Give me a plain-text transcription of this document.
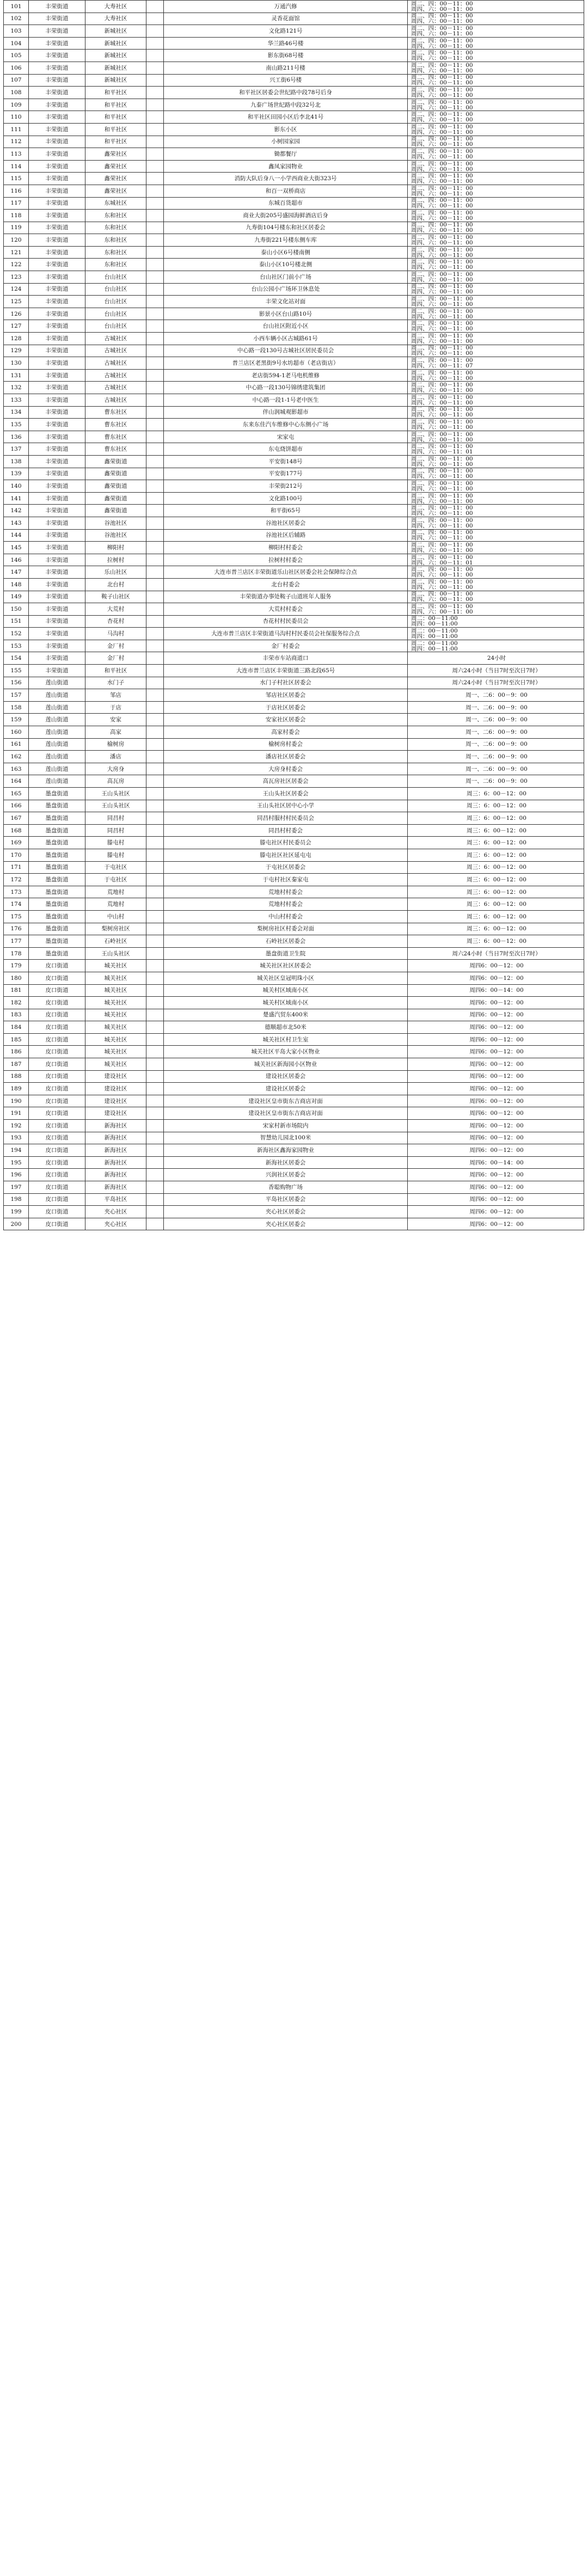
101	丰荣街道	大寿社区		万通汽修	周二、四：00－11：00
周四、六：00－11：00
102	丰荣街道	大寿社区		灵香花面馆	周二、四：00－11：00
周四、六：00－11：00
103	丰荣街道	新城社区		文化路121号	周二、四：00－11：00
周四、六：00－11：00
104	丰荣街道	新城社区		华兰路46号楼	周二、四：00－11：00
周四、六：00－11：00
105	丰荣街道	新城社区		影东街68号楼	周二、四：00－11：00
周四、六：00－11：00
106	丰荣街道	新城社区		南山路211号楼	周二、四：00－11：00
周四、六：00－11：00
107	丰荣街道	新城社区		兴工街6号楼	周二、四：00－11：00
周四、六：00－11：00
108	丰荣街道	和平社区		和平社区居委会世纪路中段78号后身	周二、四：00－11：00
周四、六：00－11：00
109	丰荣街道	和平社区		九泰广场世纪路中段32号北	周二、四：00－11：00
周四、六：00－11：00
110	丰荣街道	和平社区		和平社区田园小区后李北41号	周二、四：00－11：00
周四、六：00－11：00
111	丰荣街道	和平社区		影东小区	周二、四：00－11：00
周四、六：00－11：00
112	丰荣街道	和平社区		小树园家园	周二、四：00－11：00
周四、六：00－11：00
113	丰荣街道	鑫荣社区		锄都餐厅	周二、四：00－11：00
周四、六：00－11：00
114	丰荣街道	鑫荣社区		鑫凤家园物业	周二、四：00－11：00
周四、六：00－11：00
115	丰荣街道	鑫荣社区		消防大队后身八一小学西商业大街323号	周二、四：00－11：00
周四、六：00－11：00
116	丰荣街道	鑫荣社区		和百一双桥商店	周二、四：00－11：00
周四、六：00－11：00
117	丰荣街道	东城社区		东城百货超市	周二、四：00－11：00
周四、六：00－11：00
118	丰荣街道	东和社区		商业大街205号盛园海鲜酒店后身	周二、四：00－11：00
周四、六：00－11：00
119	丰荣街道	东和社区		九寿街104号楼东和社区居委会	周二、四：00－11：00
周四、六：00－11：00
120	丰荣街道	东和社区		九寿街221号楼东侧车库	周二、四：00－11：00
周四、六：00－11：00
121	丰荣街道	东和社区		泰山小区6号楼南侧	周二、四：00－11：00
周四、六：00－11：00
122	丰荣街道	东和社区		泰山小区10号楼北侧	周二、四：00－11：00
周四、六：00－11：00
123	丰荣街道	台山社区		台山社区门前小广场	周二、四：00－11：00
周四、六：00－11：00
124	丰荣街道	台山社区		台山公园小广场环卫休息处	周二、四：00－11：00
周四、六：00－11：00
125	丰荣街道	台山社区		丰荣文化站对面	周二、四：00－11：00
周四、六：00－11：00
126	丰荣街道	台山社区		影景小区台山路10号	周二、四：00－11：00
周四、六：00－11：00
127	丰荣街道	台山社区		台山社区附近小区	周二、四：00－11：00
周四、六：00－11：00
128	丰荣街道	古城社区		小西车辆小区古城路61号	周二、四：00－11：00
周四、六：00－11：00
129	丰荣街道	古城社区		中心路一段130号古城社区居民委员会	周二、四：00－11：00
周四、六：00－11：00
130	丰荣街道	古城社区		普兰店区老黑街9号水坊超市（老店街店）	周二、四：00－11：00
周四、六：00－11：07
131	丰荣街道	古城社区		老店街594-1老马电机维修	周二、四：00－11：00
周四、六：00－11：00
132	丰荣街道	古城社区		中心路一段130号锦绣建筑集团	周二、四：00－11：00
周四、六：00－11：00
133	丰荣街道	古城社区		中心路一段1-1号老中医生	周二、四：00－11：00
周四、六：00－11：00
134	丰荣街道	曹东社区		伴山润城观影超市	周二、四：00－11：00
周四、六：00－11：00
135	丰荣街道	曹东社区		东来东佳汽车维修中心东侧小广场	周二、四：00－11：00
周四、六：00－11：00
136	丰荣街道	曹东社区		宋家屯	周二、四：00－11：00
周四、六：00－11：00
137	丰荣街道	曹东社区		东屯烧饼超市	周二、四：00－11：00
周四、六：00－11：01
138	丰荣街道	鑫荣街道		平安街148号	周二、四：00－11：00
周四、六：00－11：00
139	丰荣街道	鑫荣街道		平安街177号	周二、四：00－11：00
周四、六：00－11：00
140	丰荣街道	鑫荣街道		丰荣街212号	周二、四：00－11：00
周四、六：00－11：00
141	丰荣街道	鑫荣街道		文化路100号	周二、四：00－11：00
周四、六：00－11：00
142	丰荣街道	鑫荣街道		和平街65号	周二、四：00－11：00
周四、六：00－11：00
143	丰荣街道	谷池社区		谷池社区居委会	周二、四：00－11：00
周四、六：00－11：00
144	丰荣街道	谷池社区		谷池社区后辅路	周二、四：00－11：00
周四、六：00－11：00
145	丰荣街道	柳阳村		柳阳村村委会	周二、四：00－11：00
周四、六：00－11：00
146	丰荣街道	拉树村		拉树村村委会	周二、四：00－11：00
周四、六：00－11：01
147	丰荣街道	乐山社区		大连市普兰店区丰荣街道乐山社区居委会社会保障综合点	周二、四：00－11：00
周四、六：00－11：00
148	丰荣街道	北台村		北台村委会	周二、四：00－11：00
周四、六：00－11：00
149	丰荣街道	鞍子山社区		丰荣街道办事处鞍子山道班年人服务	周二、四：00－11：00
周四、六：00－11：00
150	丰荣街道	大荒村		大荒村村委会	周二、四：00－11：00
周四、六：00－11：00
151	丰荣街道	杏花村		杏花村村民委员会	周二：00－11:00
周四：00－11:00
152	丰荣街道	马沟村		大连市普兰店区丰荣街道马沟村村民委员会社保服务综合点	周二：00－11:00
周四：00－11:00
153	丰荣街道	金厂村		金厂村委会	周二：00－11:00
周四：00－11:00
154	丰荣街道	金厂村		丰荣市车站商道口	24小时
155	丰荣街道	和平社区		大连市普兰店区丰荣街道三路北段65号	周六24小时（当日7时至次日7时）
156	莲山街道	水门子		水门子村社区居委会	周六24小时（当日7时至次日7时）
157	莲山街道	邹店		邹店社区居委会	周一、二6：00－9：00
158	莲山街道	于店		于店社区居委会	周一、二6：00－9：00
159	莲山街道	安家		安家社区居委会	周一、二6：00－9：00
160	莲山街道	高家		高家村委会	周一、二6：00－9：00
161	莲山街道	榆树房		榆树房村委会	周一、二6：00－9：00
162	莲山街道	潘店		潘店社区居委会	周一、二6：00－9：00
163	莲山街道	大房身		大房身村委会	周一、二6：00－9：00
164	莲山街道	高瓦房		高瓦房社区居委会	周一、二6：00－9：00
165	墨盘街道	王山头社区		王山头社区居委会	周三：6：00－12：00
166	墨盘街道	王山头社区		王山头社区居中心小学	周三：6：00－12：00
167	墨盘街道	同昌村		同昌村服村村民委员会	周三：6：00－12：00
168	墨盘街道	同昌村		同昌村村委会	周三：6：00－12：00
169	墨盘街道	滕屯村		滕屯社区村民委员会	周三：6：00－12：00
170	墨盘街道	滕屯村		滕屯社区社区延屯屯	周三：6：00－12：00
171	墨盘街道	于屯社区		于屯社区居委会	周三：6：00－12：00
172	墨盘街道	于屯社区		于屯村社区秦家屯	周三：6：00－12：00
173	墨盘街道	荒地村		荒地村村委会	周三：6：00－12：00
174	墨盘街道	荒地村		荒地村村委会	周三：6：00－12：00
175	墨盘街道	中山村		中山村村委会	周三：6：00－12：00
176	墨盘街道	梨树房社区		梨树房社区村委会对面	周三：6：00－12：00
177	墨盘街道	石岭社区		石岭社区居委会	周三：6：00－12：00
178	墨盘街道	王山头社区		墨盘街道卫生院	周六24小时（当日7时至次日7时）
179	皮口街道	城关社区		城关社区社区居委会	周四6：00－12：00
180	皮口街道	城关社区		城关社区皇冠明珠小区	周四6：00－12：00
181	皮口街道	城关社区		城关村区域南小区	周四6：00－14：00
182	皮口街道	城关社区		城关村区域南小区	周四6：00－12：00
183	皮口街道	城关社区		楚盛汽贸东400米	周四6：00－12：00
184	皮口街道	城关社区		德顺超市北50米	周四6：00－12：00
185	皮口街道	城关社区		城关社区村卫生室	周四6：00－12：00
186	皮口街道	城关社区		城关社区平岛大家小区物业	周四6：00－12：00
187	皮口街道	城关社区		城关社区新海园小区物业	周四6：00－12：00
188	皮口街道	建设社区		建设社区居委会	周四6：00－12：00
189	皮口街道	建设社区		建设社区居委会	周四6：00－12：00
190	皮口街道	建设社区		建设社区皇市街东吉商店对面	周四6：00－12：00
191	皮口街道	建设社区		建设社区皇市街东吉商店对面	周四6：00－12：00
192	皮口街道	新海社区		宋家村新市场院内	周四6：00－12：00
193	皮口街道	新海社区		智慧幼儿园北100米	周四6：00－12：00
194	皮口街道	新海社区		新海社区鑫海家园物业	周四6：00－12：00
195	皮口街道	新海社区		新海社区居委会	周四6：00－14：00
196	皮口街道	新海社区		兴润社区居委会	周四6：00－12：00
197	皮口街道	新海社区		香聪购物广场	周四6：00－12：00
198	皮口街道	平岛社区		平岛社区居委会	周四6：00－12：00
199	皮口街道	夹心社区		夹心社区居委会	周四6：00－12：00
200	皮口街道	夹心社区		夹心社区居委会	周四6：00－12：00
